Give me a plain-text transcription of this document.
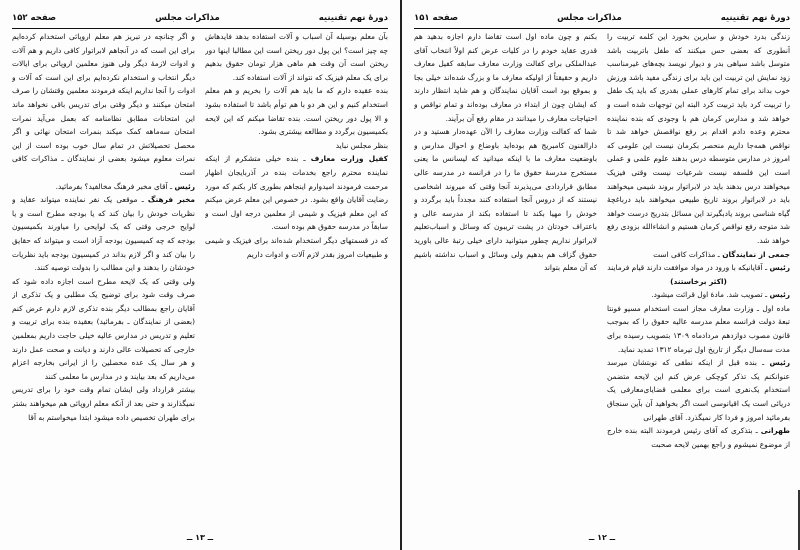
دورهٔ نهم تقنینیه
مذاکرات مجلس
صفحه ۱۵۲

بآن معلم بوسیله آن اسباب و آلات استفاده بدهد فایدهاش چه چیز است؟ این پول دور ریختن است این مطالبا اینها دور ریختن است آن وقت هم ماهی هزار تومان حقوق بدهیم برای یک معلم فیزیک که نتواند از آلات استفاده کند.

بنده عقیده دارم که ما باید هم آلات را بخریم و هم معلم استخدام کنیم و این هر دو با هم توأم باشد تا استفاده بشود و الا پول دور ریختن است. بنده تقاضا میکنم که این لایحه بکمیسیون برگردد و مطالعه بیشتری بشود.

بنظر مجلس نباید

کفیل وزارت معارف ـ بنده خیلی متشکرم از اینکه نماینده محترم راجع بخدمات بنده در آذربایجان اظهار مرحمت فرمودند امیدوارم اینجاهم بطوری کار بکنم که مورد رضایت آقایان واقع بشود. در خصوص این معلم عرض میکنم که این معلم فیزیک و شیمی از معلمین درجه اول است و سابقاً در مدرسه حقوق هم بوده است.

که در قسمتهای دیگر استخدام شده‌اند برای فیزیک و شیمی و طبیعیات امروز بقدر لازم آلات و ادوات داریم

و اگر چنانچه در تبریز هم معلم اروپائی استخدام کرده‌ایم برای این است که در آنجاهم لابراتوار کافی داریم و هم آلات و ادوات لازمهٔ دیگر ولی هنوز معلمین اروپائی برای ایالات دیگر انتخاب و استخدام نکرده‌ایم برای این است که آلات و ادوات را آنجا نداریم اینکه فرمودند معلمین وقتشان را صرف امتحان میکنند و دیگر وقتی برای تدریس باقی نخواهد ماند این امتحانات مطابق نظامنامه که بعمل می‌آید نمرات امتحان سه‌ماهه کمک میکند بنمرات امتحان نهائی و اگر محصل تحصیلاتش در تمام سال خوب بوده است از این نمرات معلوم میشود بعضی از نمایندگان ـ مذاکرات کافی است

رئیس ـ آقای مخبر فرهنگ مخالفید؟ بفرمائید.

مخبر فرهنگ ـ موقعی یک نفر نماینده میتواند عقاید و نظریات خودش را بیان کند که یا بودجه مطرح است و یا لوایح خرجی وقتی که یک لوایحی را میاورند بکمیسیون بودجه که چه کمیسیون بودجه آزاد است و میتواند که حقایق را بیان کند و اگر لازم بداند در کمیسیون بودجه باید نظریات خودشان را بدهند و این مطالب را بدولت توصیه کنند.

ولی وقتی که یک لایحه مطرح است اجازه داده شود که صرف وقت شود برای توضیح یک مطلبی و یک تذکری از آقایان راجع بمطالب دیگر بنده تذکری لازم دارم عرض کنم (بعضی از نمایندگان ـ بفرمائید) بعقیده بنده برای تربیت و تعلیم و تدریس در مدارس عالیه خیلی حاجت داریم بمعلمین خارجی که تحصیلات عالی دارند و دیانت و صحت عمل دارند و هر سال یک عده محصلین را از ایرانی بخارجه اعزام می‌داریم که بعد بیایند و در مدارس ما معلمی کنند

بیشتر قرارداد ولی ایشان تمام وقت خود را برای تدریس نمیگذارند و حتی بعد از آنکه معلم اروپائی هم میخواهند بشتر برای طهران تخصیص داده میشود ابتدا میخواستم به آقا

ــ ۱۳ ــ
دورهٔ نهم تقنینیه
مذاکرات مجلس
صفحه ۱۵۱

زندگی بدرد خودش و سایرین بخورد این کلمه تربیت را آنطوری که بعضی حس میکنند که طفل باتربیت باشد متوسل باشد سیاهی بدر و دیوار نویسد بچه‌های غیرمناسب زود نمایش این تربیت این باید برای زندگی مفید باشد ورزش خوب بداند برای تمام کارهای عملی بقدری که باید یک طفل را تربیت کرد باید تربیت کرد البته این توجهات شده است و خواهد شد و مدارس کرمان هم با وجودی که بنده نماینده محترم وعده دادم اقدام بر رفع نواقصش خواهد شد تا نواقص همه‌جا داریم منحصر بکرمان نیست این علومی که امروز در مدارس متوسطه درس بدهند علوم علمی و عملی است این فلسفه نیست شرعیات نیست وقتی فیزیک میخواهند درس بدهند باید در لابراتوار بروند شیمی میخواهند باید در لابراتوار بروند تاریخ طبیعی میخواهند باید درباغچهٔ گیاه شناسی بروند یادبگیرند این مسائل بتدریج درست خواهد شد متوجه رفع نواقص کرمان هستیم و انشاءالله بزودی رفع خواهد شد.

جمعی از نمایندگان ـ مذاکرات کافی است

رئیس ـ آقایانیکه با ورود در مواد موافقت دارند قیام فرمایند

(اکثر برخاستند)

رئیس ـ تصویب شد. مادهٔ اول قرائت میشود.

ماده اول ـ وزارت معارف مجاز است استخدام مسیو فونتا تبعهٔ دولت فرانسه معلم مدرسه عالیه حقوق را که بموجب قانون مصوب دوازدهم مردادماه ۱۳۰۹ بتصویب رسیده برای مدت سه‌سال دیگر از تاریخ اول تیرماه ۱۳۱۲ تمدید نماید.

رئیس ـ بنده قبل از اینکه نطقی که نوبتشان میرسد عنوانکنم یک تذکر کوچکی عرض کنم این لایحه متضمن استخدام یک‌نفری است برای معلمی قضایای‌معارفی یک دریائی است یک اقیانوسی است اگر بخواهید آن بآین سنجاق بفرمائید امروز و فردا کار نمیگذرد. آقای طهرانی

طهرانی ـ بتذکری که آقای رئیس فرمودند البته بنده خارج از موضوع نمیشوم و راجع بهمین لایحه صحبت

بکنم و چون ماده اول است تقاضا دارم اجازه بدهید هم قدری عقاید خودم را در کلیات عرض کنم اولاً انتخاب آقای عبدالملکی برای کفالت وزارت معارف سابقه کفیل معارف داریم و حقیقتاً از اولیکه معارف ما و بزرگ شده‌اند خیلی بجا و بموقع بود است آقایان نمایندگان و هم شاید انتظار دارند که ایشان چون از ابتداء در معارف بوده‌اند و تمام نواقص و احتیاجات معارف را میدانند در مقام رفع آن برآیند.

شما که کفالت وزارت معارف را الآن عهده‌دار هستید و در دارالفنون کامبریج هم بوده‌اید باوضاع و احوال مدارس و باوضعیت معارف ما با اینکه میدانید که لیسانس ما یعنی مستخرج مدرسهٔ حقوق ما را در فرانسه در مدرسه عالی مطابق قراردادی می‌پذیرند آنجا وقتی که میروند اشخاصی نیستند که از دروس آنجا استفاده کنند مجدداً باید برگردد و خودش را مهیا بکند تا استفاده بکند از مدرسه عالی و باعتراف خودتان در پشت تریبون که وسائل و اسباب‌تعلیم لابراتوار نداریم چطور میتوانید دارای خیلی رتبهٔ عالی باورید حقوق گزاف هم بدهیم ولی وسائل و اسباب نداشته باشیم که آن معلم بتواند

ــ ۱۲ ــ
